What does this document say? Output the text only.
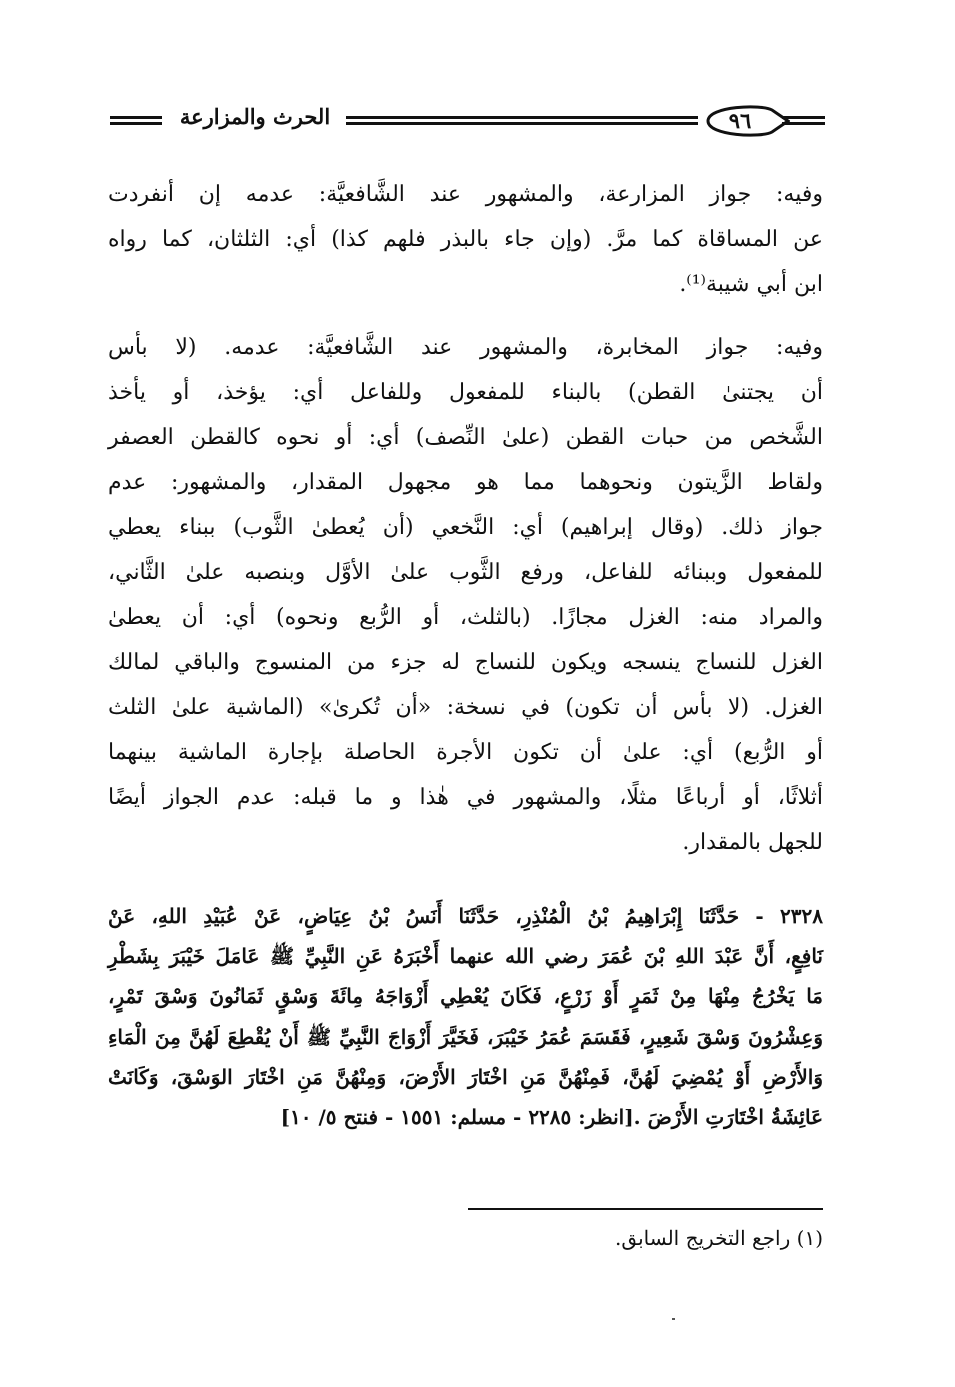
الحرث والمزارعة	٩٦
وفيه: جواز المزارعة، والمشهور عند الشَّافعيَّة: عدمه إن أنفردت
عن المساقاة كما مرَّ. (وإن جاء بالبذر فلهم كذا) أي: الثلثان، كما رواه
ابن أبي شيبة⁽¹⁾.
وفيه: جواز المخابرة، والمشهور عند الشَّافعيَّة: عدمه. (لا بأس
أن يجتنىٰ القطن) بالبناء للمفعول وللفاعل أي: يؤخذ، أو يأخذ
الشَّخص من حبات القطن (علىٰ النِّصف) أي: أو نحوه كالقطن العصفر
ولقاط الزَّيتون ونحوهما مما هو مجهول المقدار، والمشهور: عدم
جواز ذلك. (وقال إبراهيم) أي: النَّخعي (أن يُعطىٰ الثَّوب) ببناء يعطي
للمفعول وببنائه للفاعل، ورفع الثَّوب علىٰ الأوَّل وبنصبه علىٰ الثَّاني،
والمراد منه: الغزل مجازًا. (بالثلث، أو الرُّبع ونحوه) أي: أن يعطىٰ
الغزل للنساج ينسجه ويكون للنساج له جزء من المنسوج والباقي لمالك
الغزل. (لا بأس أن تكون) في نسخة: «أن تُكرىٰ» (الماشية علىٰ الثلث
أو الرُّبع) أي: علىٰ أن تكون الأجرة الحاصلة بإجارة الماشية بينهما
أثلاثًا، أو أرباعًا مثلًا، والمشهور في هٰذا و ما قبله: عدم الجواز أيضًا
للجهل بالمقدار.
٢٣٢٨ - حَدَّثَنَا إِبْرَاهِيمُ بْنُ الْمُنْذِرِ، حَدَّثَنَا أَنَسُ بْنُ عِيَاضٍ، عَنْ عُبَيْدِ اللهِ، عَنْ
نَافِعٍ، أَنَّ عَبْدَ اللهِ بْنَ عُمَرَ رضي الله عنهما أَخْبَرَهُ عَنِ النَّبِيِّ ﷺ عَامَلَ خَيْبَرَ بِشَطْرِ
مَا يَخْرُجُ مِنْهَا مِنْ ثَمَرٍ أَوْ زَرْعٍ، فَكَانَ يُعْطِي أَزْوَاجَهُ مِائَةَ وَسْقٍ ثَمَانُونَ وَسْقَ تَمْرٍ،
وَعِشْرُونَ وَسْقَ شَعِيرٍ، فَقَسَمَ عُمَرُ خَيْبَرَ، فَخَيَّرَ أَزْوَاجَ النَّبِيِّ ﷺ أَنْ يُقْطِعَ لَهُنَّ مِنَ الْمَاءِ
وَالأَرْضِ أَوْ يُمْضِيَ لَهُنَّ، فَمِنْهُنَّ مَنِ اخْتَارَ الأَرْضَ، وَمِنْهُنَّ مَنِ اخْتَارَ الوَسْقَ، وَكَانَتْ
عَائِشَةُ اخْتَارَتِ الأَرْضَ .[انظر: ٢٢٨٥ - مسلم: ١٥٥١ - فنتح ٥/ ١٠]
(١) راجع التخريج السابق.
